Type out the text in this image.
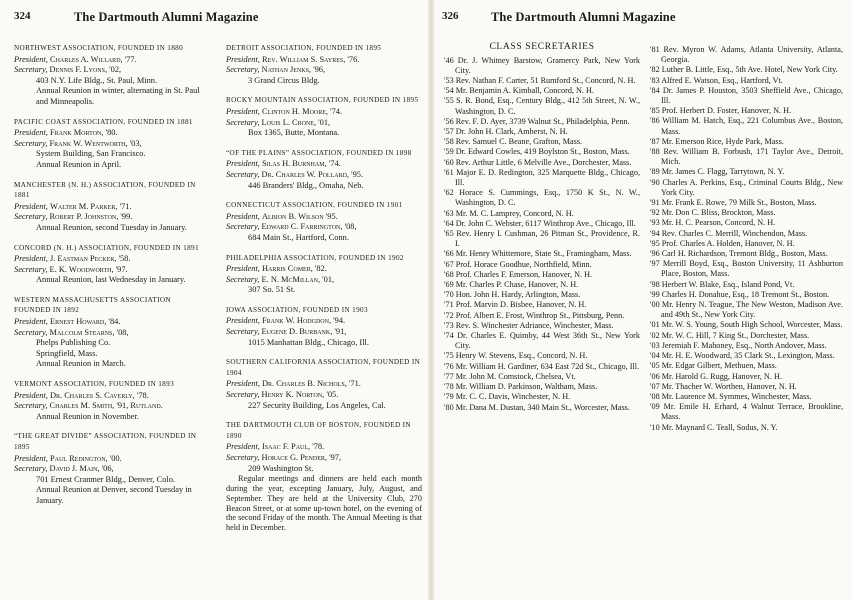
324	The Dartmouth Alumni Magazine
NORTHWEST ASSOCIATION, FOUNDED IN 1880
President, Charles A. Willard, '77.
Secretary, Dennis F. Lyons, '02,
403 N.Y. Life Bldg., St. Paul, Minn.
Annual Reunion in winter, alternating in St. Paul and Minneapolis.
PACIFIC COAST ASSOCIATION, FOUNDED IN 1881
President, Frank Morton, '80.
Secretary, Frank W. Wentworth, '03,
System Building, San Francisco.
Annual Reunion in April.
MANCHESTER (N. H.) ASSOCIATION, FOUNDED IN 1881
President, Walter M. Parker, '71.
Secretary, Robert P. Johnston, '99.
Annual Reunion, second Tuesday in January.
CONCORD (N. H.) ASSOCIATION, FOUNDED IN 1891
President, J. Eastman Pecker, '58.
Secretary, E. K. Woodworth, '97.
Annual Reunion, last Wednesday in January.
WESTERN MASSACHUSETTS ASSOCIATION FOUNDED IN 1892
President, Ernest Howard, '84.
Secretary, Malcolm Stearns, '08,
Phelps Publishing Co.
Springfield, Mass.
Annual Reunion in March.
VERMONT ASSOCIATION, FOUNDED IN 1893
President, Dr. Charles S. Caverly, '78.
Secretary, Charles M. Smith, '91, Rutland.
Annual Reunion in November.
“THE GREAT DIVIDE” ASSOCIATION, FOUNDED IN 1895
President, Paul Redington, '00.
Secretary, David J. Main, '06,
701 Ernest Cranmer Bldg., Denver, Colo.
Annual Reunion at Denver, second Tuesday in January.
DETROIT ASSOCIATION, FOUNDED IN 1895
President, Rev. William S. Sayres, '76.
Secretary, Nathan Jenks, '96,
3 Grand Circus Bldg.
ROCKY MOUNTAIN ASSOCIATION, FOUNDED IN 1895
President, Clinton H. Moore, '74.
Secretary, Louis L. Crone, '01,
Box 1365, Butte, Montana.
“OF THE PLAINS” ASSOCIATION, FOUNDED IN 1898
President, Silas H. Burnham, '74.
Secretary, Dr. Charles W. Pollard, '95.
446 Branders' Bldg., Omaha, Neb.
CONNECTICUT ASSOCIATION, FOUNDED IN 1901
President, Albion B. Wilson '95.
Secretary, Edward C. Farrington, '08,
684 Main St., Hartford, Conn.
PHILADELPHIA ASSOCIATION, FOUNDED IN 1902
President, Harris Comer, '82.
Secretary, E. N. McMillan, '01,
307 So. 51 St.
IOWA ASSOCIATION, FOUNDED IN 1903
President, Frank W. Hodgdon, '94.
Secretary, Eugene D. Burbank, '91,
1015 Manhattan Bldg., Chicago, Ill.
SOUTHERN CALIFORNIA ASSOCIATION, FOUNDED IN 1904
President, Dr. Charles B. Nichols, '71.
Secretary, Henry K. Norton, '05.
227 Security Building, Los Angeles, Cal.
THE DARTMOUTH CLUB OF BOSTON, FOUNDED IN 1890
President, Isaac F. Paul, '78.
Secretary, Horace G. Pender, '97,
209 Washington St.
Regular meetings and dinners are held each month during the year, excepting January, July, August, and September. They are held at the University Club, 270 Beacon Street, or at some up-town hotel, on the evening of the second Friday of the month. The Annual Meeting is that held in December.
326	The Dartmouth Alumni Magazine
CLASS SECRETARIES
'46 Dr. J. Whitney Barstow, Gramercy Park, New York City.
'53 Rev. Nathan F. Carter, 51 Rumford St., Concord, N. H.
'54 Mr. Benjamin A. Kimball, Concord, N. H.
'55 S. R. Bond, Esq., Century Bldg., 412 5th Street, N. W., Washington, D. C.
'56 Rev. F. D. Ayer, 3739 Walnut St., Philadelphia, Penn.
'57 Dr. John H. Clark, Amherst, N. H.
'58 Rev. Samuel C. Beane, Grafton, Mass.
'59 Dr. Edward Cowles, 419 Boylston St., Boston, Mass.
'60 Rev. Arthur Little, 6 Melville Ave., Dorchester, Mass.
'61 Major E. D. Redington, 325 Marquette Bldg., Chicago, Ill.
'62 Horace S. Cummings, Esq., 1750 K St., N. W., Washington, D. C.
'63 Mr. M. C. Lamprey, Concord, N. H.
'64 Dr. John C. Webster, 6117 Winthrop Ave., Chicago, Ill.
'65 Rev. Henry I. Cushman, 26 Pitman St., Providence, R. I.
'66 Mr. Henry Whittemore, State St., Framingham, Mass.
'67 Prof. Horace Goodhue, Northfield, Minn.
'68 Prof. Charles F. Emerson, Hanover, N. H.
'69 Mr. Charles P. Chase, Hanover, N. H.
'70 Hon. John H. Hardy, Arlington, Mass.
'71 Prof. Marvin D. Bisbee, Hanover, N. H.
'72 Prof. Albert E. Frost, Winthrop St., Pittsburg, Penn.
'73 Rev. S. Winchester Adriance, Winchester, Mass.
'74 Dr. Charles E. Quimby, 44 West 36th St., New York City.
'75 Henry W. Stevens, Esq., Concord, N. H.
'76 Mr. William H. Gardiner, 634 East 72d St., Chicago, Ill.
'77 Mr. John M. Comstock, Chelsea, Vt.
'78 Mr. William D. Parkinson, Waltham, Mass.
'79 Mr. C. C. Davis, Winchester, N. H.
'80 Mr. Dana M. Dustan, 340 Main St., Worcester, Mass.
'81 Rev. Myron W. Adams, Atlanta University, Atlanta, Georgia.
'82 Luther B. Little, Esq., 5th Ave. Hotel, New York City.
'83 Alfred E. Watson, Esq., Hartford, Vt.
'84 Dr. James P. Houston, 3503 Sheffield Ave., Chicago, Ill.
'85 Prof. Herbert D. Foster, Hanover, N. H.
'86 William M. Hatch, Esq., 221 Columbus Ave., Boston, Mass.
'87 Mr. Emerson Rice, Hyde Park, Mass.
'88 Rev. William B. Forbush, 171 Taylor Ave., Detroit, Mich.
'89 Mr. James C. Flagg, Tarrytown, N. Y.
'90 Charles A. Perkins, Esq., Criminal Courts Bldg., New York City.
'91 Mr. Frank E. Rowe, 79 Milk St., Boston, Mass.
'92 Mr. Don C. Bliss, Brockton, Mass.
'93 Mr. H. C. Pearson, Concord, N. H.
'94 Rev. Charles C. Merrill, Winchendon, Mass.
'95 Prof. Charles A. Holden, Hanover, N. H.
'96 Carl H. Richardson, Tremont Bldg., Boston, Mass.
'97 Merrill Boyd, Esq., Boston University, 11 Ashburton Place, Boston, Mass.
'98 Herbert W. Blake, Esq., Island Pond, Vt.
'99 Charles H. Donahue, Esq., 18 Tremont St., Boston.
'00 Mr. Henry N. Teague, The New Weston, Madison Ave. and 49th St., New York City.
'01 Mr. W. S. Young, South High School, Worcester, Mass.
'02 Mr. W. C. Hill, 7 King St., Dorchester, Mass.
'03 Jeremiah F. Mahoney, Esq., North Andover, Mass.
'04 Mr. H. E. Woodward, 35 Clark St., Lexington, Mass.
'05 Mr. Edgar Gilbert, Methuen, Mass.
'06 Mr. Harold G. Rugg, Hanover, N. H.
'07 Mr. Thacher W. Worthen, Hanover, N. H.
'08 Mr. Laurence M. Symmes, Winchester, Mass.
'09 Mr. Emile H. Erhard, 4 Walnut Terrace, Brookline, Mass.
'10 Mr. Maynard C. Teall, Sodus, N. Y.
